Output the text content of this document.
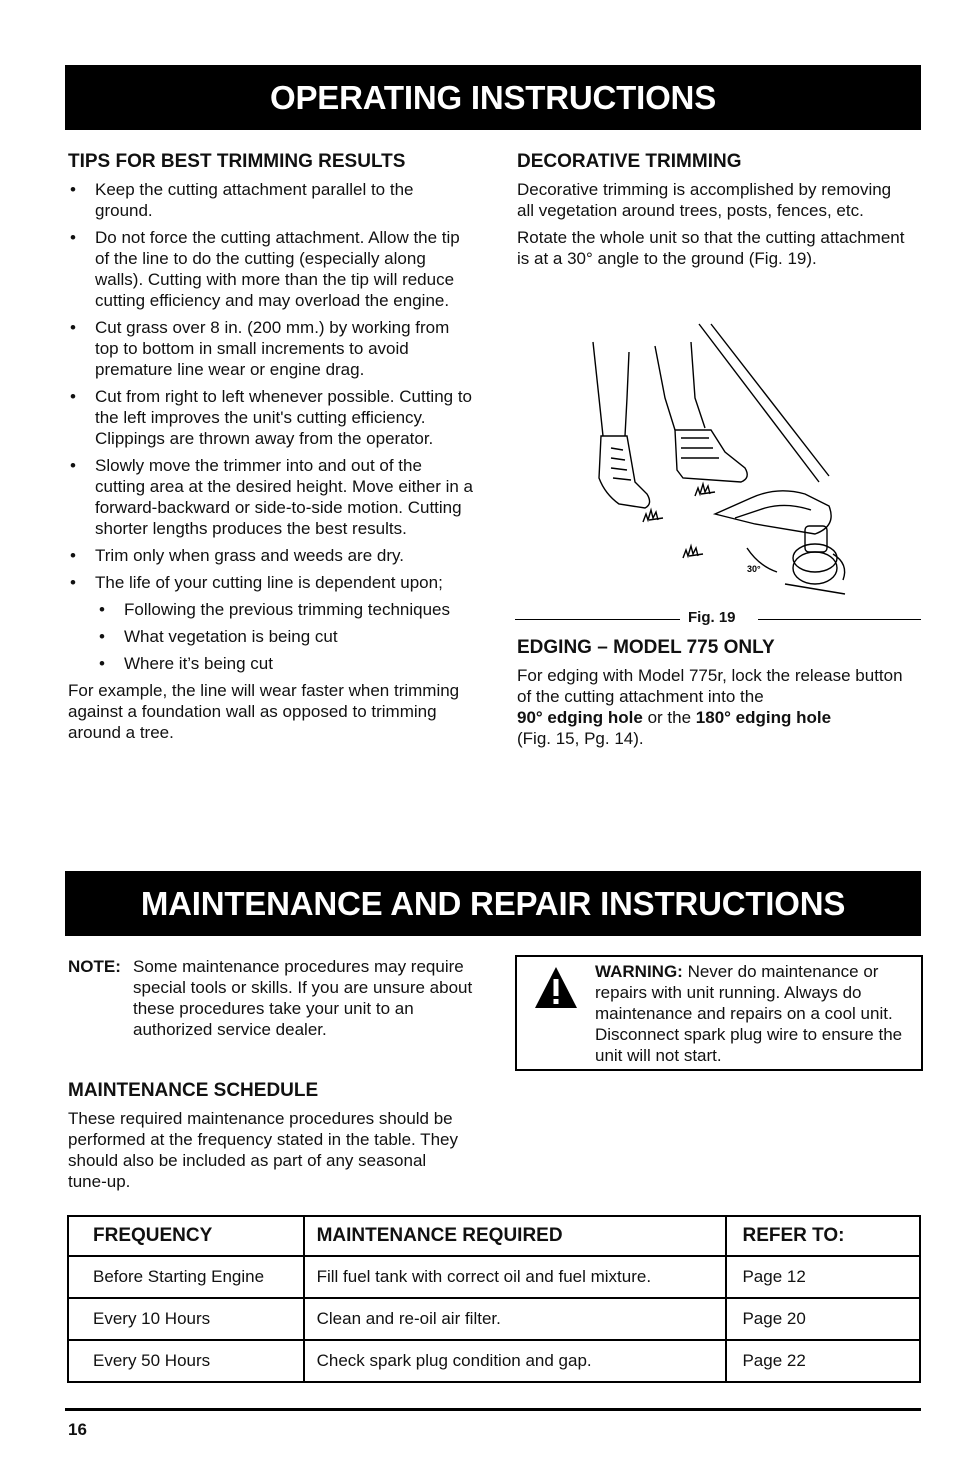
OPERATING INSTRUCTIONS
TIPS FOR BEST TRIMMING RESULTS
• Keep the cutting attachment parallel to the ground.
• Do not force the cutting attachment. Allow the tip of the line to do the cutting (especially along walls). Cutting with more than the tip will reduce cutting efficiency and may overload the engine.
• Cut grass over 8 in. (200 mm.) by working from top to bottom in small increments to avoid premature line wear or engine drag.
• Cut from right to left whenever possible. Cutting to the left improves the unit's cutting efficiency. Clippings are thrown away from the operator.
• Slowly move the trimmer into and out of the cutting area at the desired height. Move either in a forward-backward or side-to-side motion. Cutting shorter lengths produces the best results.
• Trim only when grass and weeds are dry.
• The life of your cutting line is dependent upon;
• Following the previous trimming techniques
• What vegetation is being cut
• Where it’s being cut

For example, the line will wear faster when trimming against a foundation wall as opposed to trimming around a tree.

DECORATIVE TRIMMING

Decorative trimming is accomplished by removing all vegetation around trees, posts, fences, etc.

Rotate the whole unit so that the cutting attachment is at a 30° angle to the ground (Fig. 19).

30°
Fig. 19
EDGING – MODEL 775 ONLY

For edging with Model 775r, lock the release button of the cutting attachment into the
90° edging hole or the 180° edging hole
(Fig. 15, Pg. 14).

MAINTENANCE AND REPAIR INSTRUCTIONS
NOTE: Some maintenance procedures may require special tools or skills. If you are unsure about these procedures take your unit to an authorized service dealer.
WARNING: Never do maintenance or repairs with unit running. Always do maintenance and repairs on a cool unit. Disconnect spark plug wire to ensure the unit will not start.
MAINTENANCE SCHEDULE

These required maintenance procedures should be performed at the frequency stated in the table. They should also be included as part of any seasonal tune-up.

FREQUENCY	MAINTENANCE REQUIRED	REFER TO:
Before Starting Engine	Fill fuel tank with correct oil and fuel mixture.	Page 12
Every 10 Hours	Clean and re-oil air filter.	Page 20
Every 50 Hours	Check spark plug condition and gap.	Page 22
16
